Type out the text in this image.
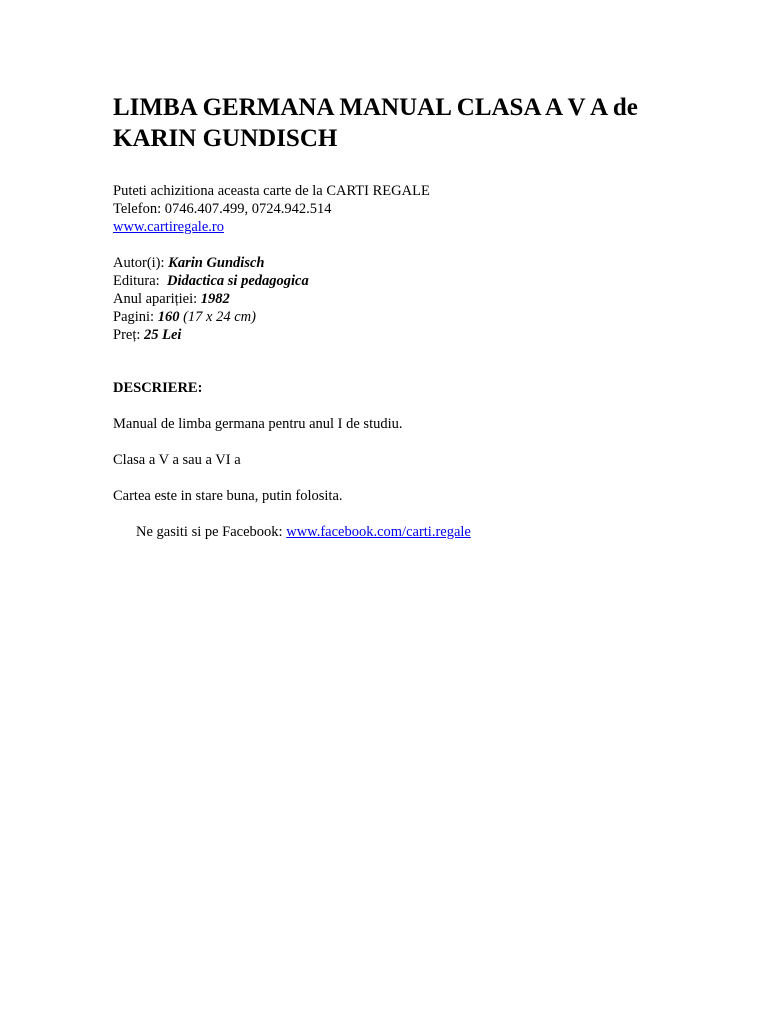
LIMBA GERMANA MANUAL CLASA A V A de KARIN GUNDISCH
Puteti achizitiona aceasta carte de la CARTI REGALE
Telefon: 0746.407.499, 0724.942.514
www.cartiregale.ro
Autor(i): Karin Gundisch
Editura: Didactica si pedagogica
Anul apariției: 1982
Pagini: 160 (17 x 24 cm)
Preț: 25 Lei
DESCRIERE:
Manual de limba germana pentru anul I de studiu.
Clasa a V a sau a VI a
Cartea este in stare buna, putin folosita.
Ne gasiti si pe Facebook: www.facebook.com/carti.regale
